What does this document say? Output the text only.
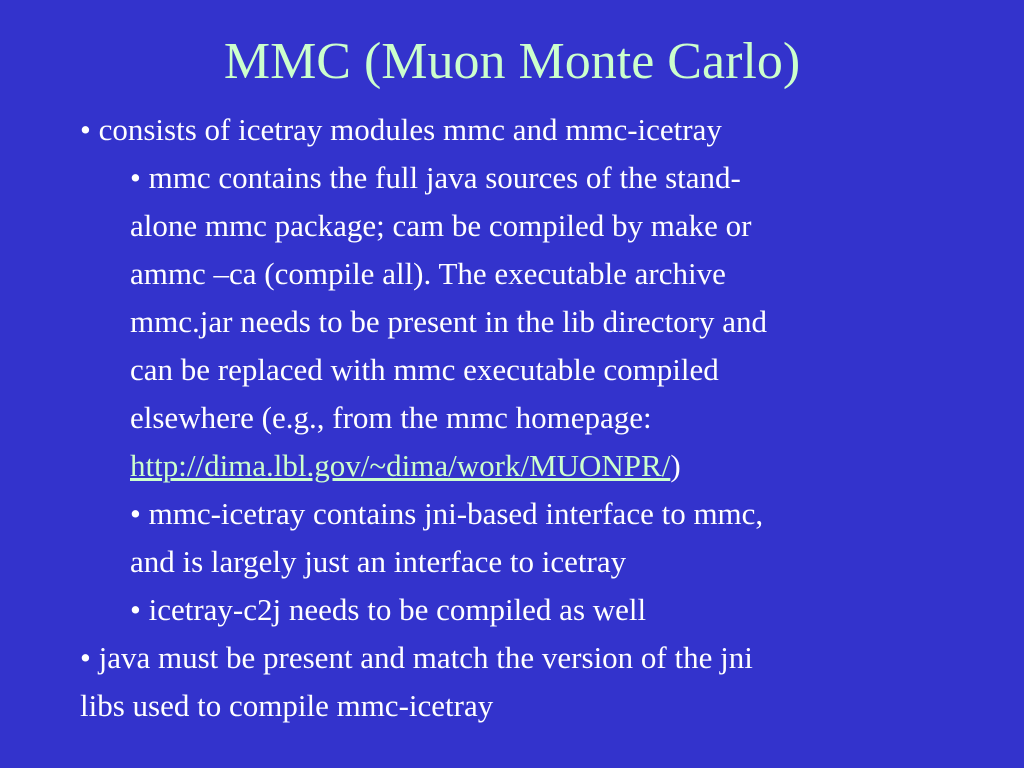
MMC (Muon Monte Carlo)
• consists of icetray modules mmc and mmc-icetray
• mmc contains the full java sources of the stand-
alone mmc package; cam be compiled by make or
ammc –ca (compile all). The executable archive
mmc.jar needs to be present in the lib directory and
can be replaced with mmc executable compiled
elsewhere (e.g., from the mmc homepage:
http://dima.lbl.gov/~dima/work/MUONPR/)
• mmc-icetray contains jni-based interface to mmc,
and is largely just an interface to icetray
• icetray-c2j needs to be compiled as well
• java must be present and match the version of the jni
libs used to compile mmc-icetray
